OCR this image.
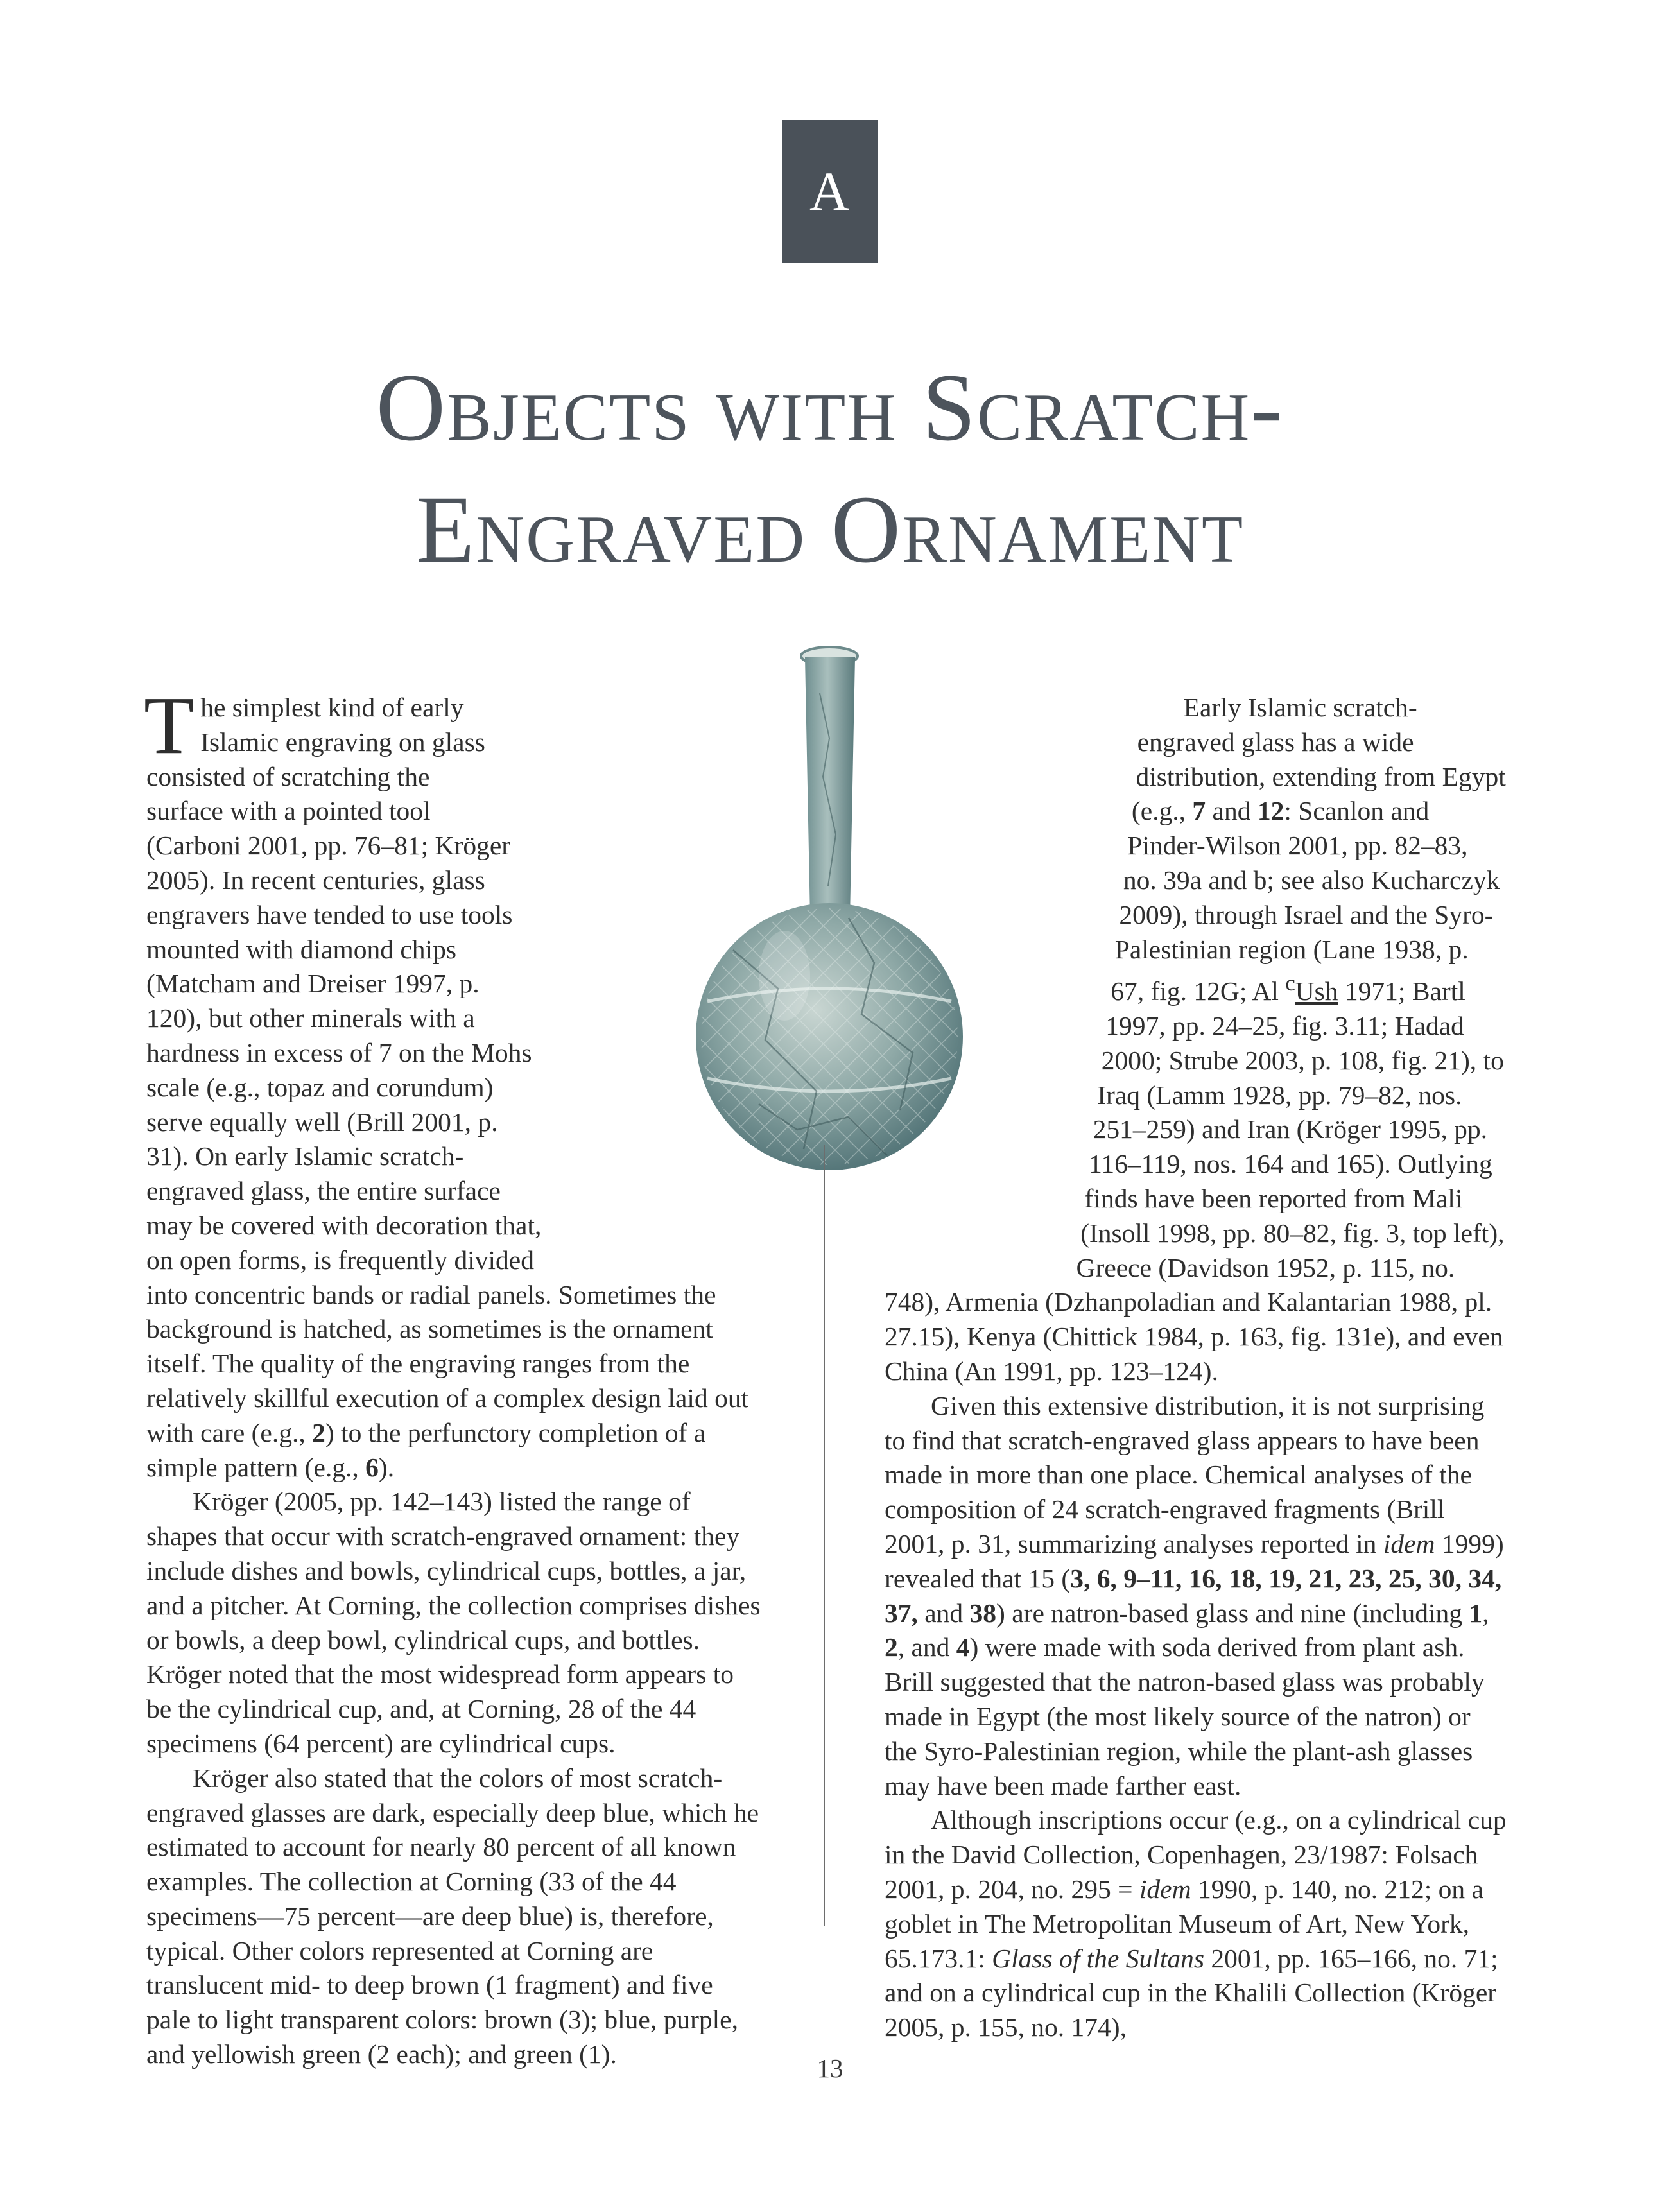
A
Objects with Scratch-
Engraved Ornament

The simplest kind of early Islamic engraving on glass consisted of scratching the surface with a pointed tool (Carboni 2001, pp. 76–81; Kröger 2005). In recent centuries, glass engravers have tended to use tools mounted with diamond chips (Matcham and Dreiser 1997, p. 120), but other minerals with a hardness in excess of 7 on the Mohs scale (e.g., topaz and corundum) serve equally well (Brill 2001, p. 31). On early Islamic scratch-engraved glass, the entire surface may be covered with decoration that, on open forms, is frequently divided into concentric bands or radial panels. Sometimes the background is hatched, as sometimes is the ornament itself. The quality of the engraving ranges from the relatively skillful execution of a complex design laid out with care (e.g., 2) to the perfunctory completion of a simple pattern (e.g., 6).

Kröger (2005, pp. 142–143) listed the range of shapes that occur with scratch-engraved ornament: they include dishes and bowls, cylindrical cups, bottles, a jar, and a pitcher. At Corning, the collection comprises dishes or bowls, a deep bowl, cylindrical cups, and bottles. Kröger noted that the most widespread form appears to be the cylindrical cup, and, at Corning, 28 of the 44 specimens (64 percent) are cylindrical cups.

Kröger also stated that the colors of most scratch-engraved glasses are dark, especially deep blue, which he estimated to account for nearly 80 percent of all known examples. The collection at Corning (33 of the 44 specimens—75 percent—are deep blue) is, therefore, typical. Other colors represented at Corning are translucent mid- to deep brown (1 fragment) and five pale to light transparent colors: brown (3); blue, purple, and yellowish green (2 each); and green (1).

Early Islamic scratch-engraved glass has a wide distribution, extending from Egypt (e.g., 7 and 12: Scanlon and Pinder-Wilson 2001, pp. 82–83, no. 39a and b; see also Kucharczyk 2009), through Israel and the Syro-Palestinian region (Lane 1938, p. 67, fig. 12G; Al $^c$Ush 1971; Bartl 1997, pp. 24–25, fig. 3.11; Hadad 2000; Strube 2003, p. 108, fig. 21), to Iraq (Lamm 1928, pp. 79–82, nos. 251–259) and Iran (Kröger 1995, pp. 116–119, nos. 164 and 165). Outlying finds have been reported from Mali (Insoll 1998, pp. 80–82, fig. 3, top left), Greece (Davidson 1952, p. 115, no. 748), Armenia (Dzhanpoladian and Kalantarian 1988, pl. 27.15), Kenya (Chittick 1984, p. 163, fig. 131e), and even China (An 1991, pp. 123–124).

Given this extensive distribution, it is not surprising to find that scratch-engraved glass appears to have been made in more than one place. Chemical analyses of the composition of 24 scratch-engraved fragments (Brill 2001, p. 31, summarizing analyses reported in idem 1999) revealed that 15 (3, 6, 9–11, 16, 18, 19, 21, 23, 25, 30, 34, 37, and 38) are natron-based glass and nine (including 1, 2, and 4) were made with soda derived from plant ash. Brill suggested that the natron-based glass was probably made in Egypt (the most likely source of the natron) or the Syro-Palestinian region, while the plant-ash glasses may have been made farther east.

Although inscriptions occur (e.g., on a cylindrical cup in the David Collection, Copenhagen, 23/1987: Folsach 2001, p. 204, no. 295 = idem 1990, p. 140, no. 212; on a goblet in The Metropolitan Museum of Art, New York, 65.173.1: Glass of the Sultans 2001, pp. 165–166, no. 71; and on a cylindrical cup in the Khalili Collection (Kröger 2005, p. 155, no. 174),

13
